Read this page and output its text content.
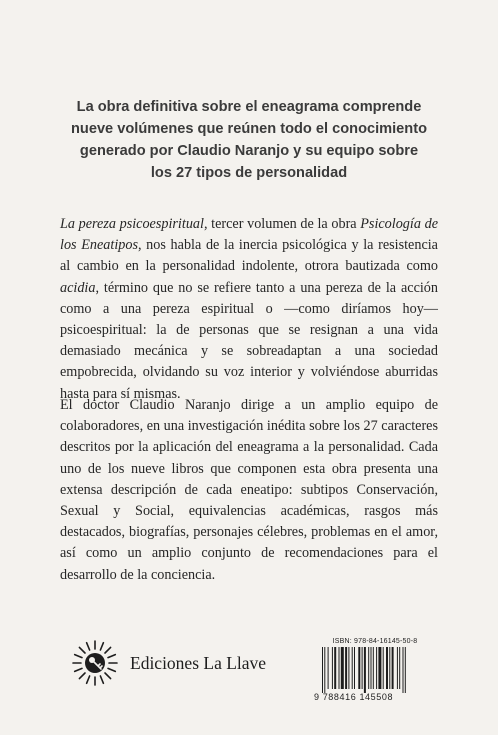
La obra definitiva sobre el eneagrama comprende
nueve volúmenes que reúnen todo el conocimiento
generado por Claudio Naranjo y su equipo sobre
los 27 tipos de personalidad
La pereza psicoespiritual, tercer volumen de la obra Psicología de los Eneatipos, nos habla de la inercia psicológica y la resistencia al cambio en la personalidad indolente, otrora bautizada como acidia, término que no se refiere tanto a una pereza de la acción como a una pereza espiritual o —como diríamos hoy— psicoespiritual: la de personas que se resignan a una vida demasiado mecánica y se sobreadaptan a una sociedad empobrecida, olvidando su voz interior y volviéndose aburridas hasta para sí mismas.
El doctor Claudio Naranjo dirige a un amplio equipo de colaboradores, en una investigación inédita sobre los 27 caracteres descritos por la aplicación del eneagrama a la personalidad. Cada uno de los nueve libros que componen esta obra presenta una extensa descripción de cada eneatipo: subtipos Conservación, Sexual y Social, equivalencias académicas, rasgos más destacados, biografías, personajes célebres, problemas en el amor, así como un amplio conjunto de recomendaciones para el desarrollo de la conciencia.
Ediciones La Llave
ISBN: 978-84-16145-50-8
9 788416 145508
